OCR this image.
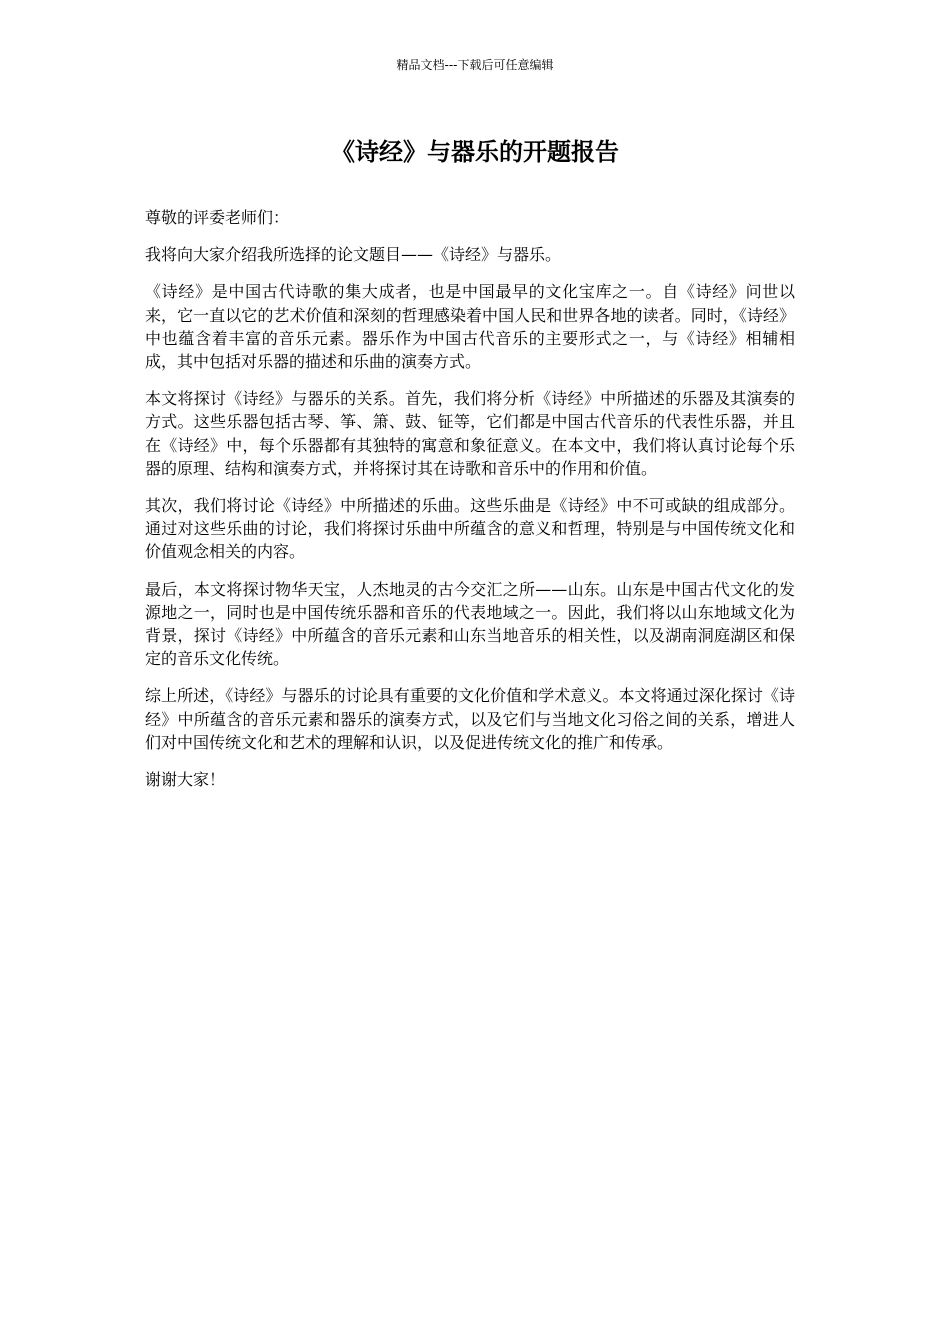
精品文档---下载后可任意编辑
《诗经》与器乐的开题报告

尊敬的评委老师们：

我将向大家介绍我所选择的论文题目——《诗经》与器乐。

《诗经》是中国古代诗歌的集大成者，也是中国最早的文化宝库之一。自《诗经》问世以来，它一直以它的艺术价值和深刻的哲理感染着中国人民和世界各地的读者。同时，《诗经》中也蕴含着丰富的音乐元素。器乐作为中国古代音乐的主要形式之一，与《诗经》相辅相成，其中包括对乐器的描述和乐曲的演奏方式。

本文将探讨《诗经》与器乐的关系。首先，我们将分析《诗经》中所描述的乐器及其演奏的方式。这些乐器包括古琴、筝、箫、鼓、钲等，它们都是中国古代音乐的代表性乐器，并且在《诗经》中，每个乐器都有其独特的寓意和象征意义。在本文中，我们将认真讨论每个乐器的原理、结构和演奏方式，并将探讨其在诗歌和音乐中的作用和价值。

其次，我们将讨论《诗经》中所描述的乐曲。这些乐曲是《诗经》中不可或缺的组成部分。通过对这些乐曲的讨论，我们将探讨乐曲中所蕴含的意义和哲理，特别是与中国传统文化和价值观念相关的内容。

最后，本文将探讨物华天宝，人杰地灵的古今交汇之所——山东。山东是中国古代文化的发源地之一，同时也是中国传统乐器和音乐的代表地域之一。因此，我们将以山东地域文化为背景，探讨《诗经》中所蕴含的音乐元素和山东当地音乐的相关性，以及湖南洞庭湖区和保定的音乐文化传统。

综上所述，《诗经》与器乐的讨论具有重要的文化价值和学术意义。本文将通过深化探讨《诗经》中所蕴含的音乐元素和器乐的演奏方式，以及它们与当地文化习俗之间的关系，增进人们对中国传统文化和艺术的理解和认识，以及促进传统文化的推广和传承。

谢谢大家！
